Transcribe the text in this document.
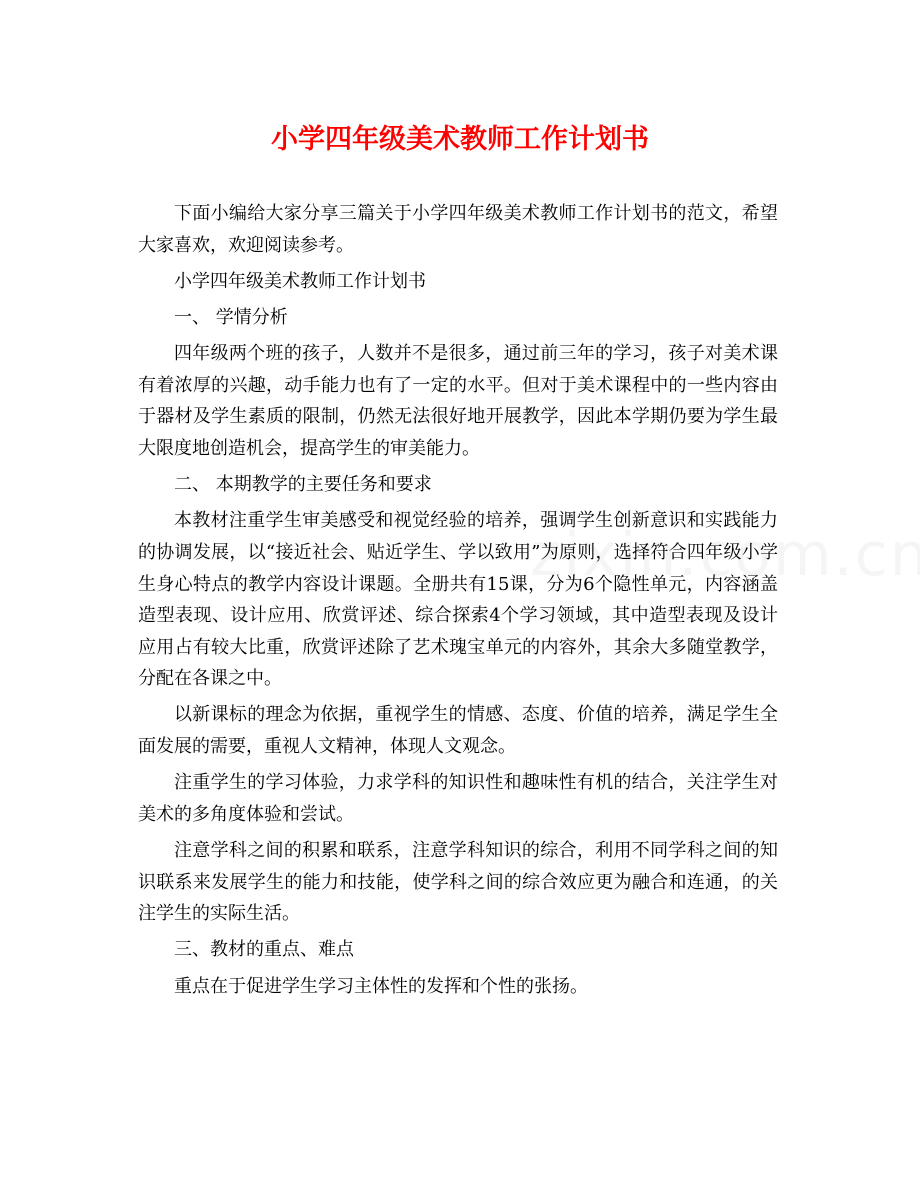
小学四年级美术教师工作计划书

下面小编给大家分享三篇关于小学四年级美术教师工作计划书的范文，希望大家喜欢，欢迎阅读参考。

小学四年级美术教师工作计划书

一、 学情分析

四年级两个班的孩子，人数并不是很多，通过前三年的学习，孩子对美术课有着浓厚的兴趣，动手能力也有了一定的水平。但对于美术课程中的一些内容由于器材及学生素质的限制，仍然无法很好地开展教学，因此本学期仍要为学生最大限度地创造机会，提高学生的审美能力。

二、 本期教学的主要任务和要求

本教材注重学生审美感受和视觉经验的培养，强调学生创新意识和实践能力的协调发展，以“接近社会、贴近学生、学以致用”为原则，选择符合四年级小学生身心特点的教学内容设计课题。全册共有15课，分为6个隐性单元，内容涵盖造型表现、设计应用、欣赏评述、综合探索4个学习领域，其中造型表现及设计应用占有较大比重，欣赏评述除了艺术瑰宝单元的内容外，其余大多随堂教学，分配在各课之中。

以新课标的理念为依据，重视学生的情感、态度、价值的培养，满足学生全面发展的需要，重视人文精神，体现人文观念。

注重学生的学习体验，力求学科的知识性和趣味性有机的结合，关注学生对美术的多角度体验和尝试。

注意学科之间的积累和联系，注意学科知识的综合，利用不同学科之间的知识联系来发展学生的能力和技能，使学科之间的综合效应更为融合和连通，的关注学生的实际生活。

三、教材的重点、难点

重点在于促进学生学习主体性的发挥和个性的张扬。
